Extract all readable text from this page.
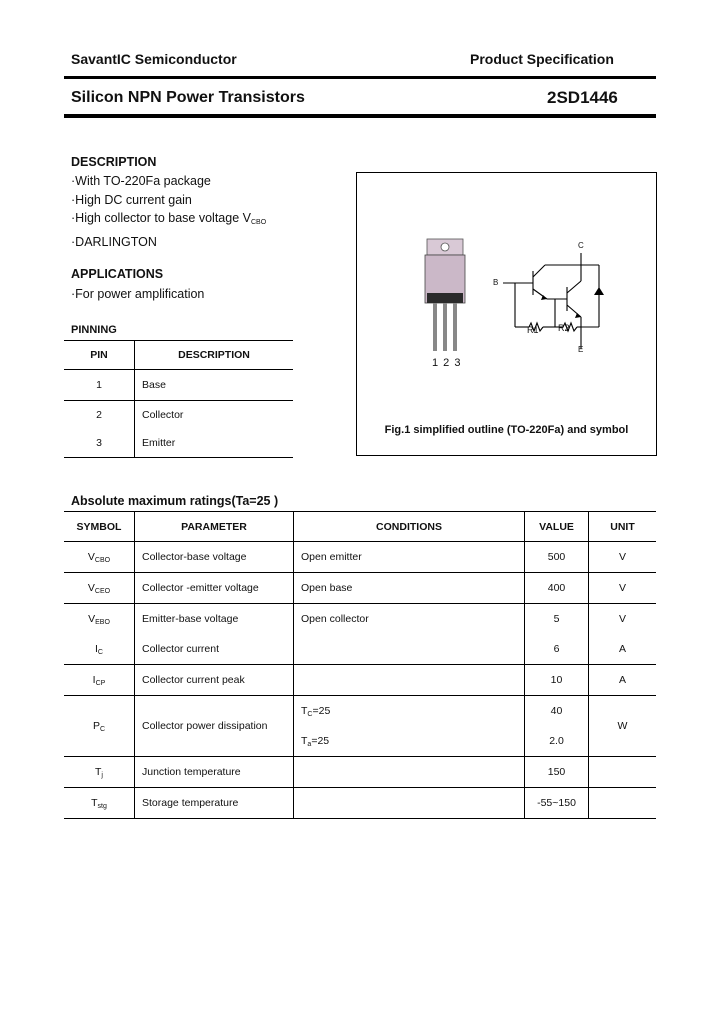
SavantIC Semiconductor	Product Specification
Silicon NPN Power Transistors	2SD1446
DESCRIPTION
·With TO-220Fa package
·High DC current gain
·High collector to base voltage $V_{CBO}$
·DARLINGTON
APPLICATIONS
·For power amplification
PINNING
PIN	DESCRIPTION
1	Base
2	Collector
3	Emitter
1 2 3
C
B
E
R1 R2
Fig.1 simplified outline (TO-220Fa) and symbol
Absolute maximum ratings(Ta=25 )
SYMBOL	PARAMETER	CONDITIONS	VALUE	UNIT
$V_{CBO}$	Collector-base voltage	Open emitter	500	V
$V_{CEO}$	Collector -emitter voltage	Open base	400	V
$V_{EBO}$	Emitter-base voltage	Open collector	5	V
$I_C$	Collector current		6	A
$I_{CP}$	Collector current peak		10	A
$P_C$	Collector power dissipation	$T_C=25$	40	W
		$T_a=25$	2.0	
$T_j$	Junction temperature		150	 
$T_{stg}$	Storage temperature		-55~150	 
